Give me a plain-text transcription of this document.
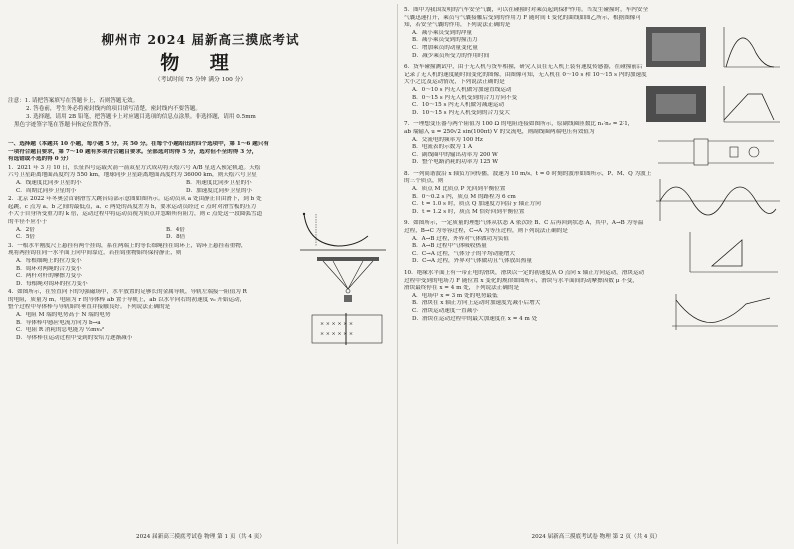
柳州市 2024 届新高三摸底考试

物 理

（考试时间 75 分钟 满分 100 分）

注意：1. 请把答案填写在答题卡上，否则答题无效。

2. 答卷前，考生务必将密封线内的项目填写清楚，密封线内不要答题。

3. 选择题，请用 2B 铅笔，把答题卡上对应题目选项的信息点涂黑。非选择题，请用 0.5mm

黑色字迹签字笔在答题卡指定位置作答。

一、选择题（本题共 10 小题，每小题 5 分，共 50 分。在每个小题给出的四个选项中，第 1～6 题只有

一项符合题目要求，第 7～10 题有多项符合题目要求。全部选对的得 5 分，选对但不全的得 3 分，

有选错或不选的得 0 分）

1．2021 年 3 月 10 日，长征四号运载火箭一箭双星方式成功将天绘六号 A/B 星送入预定轨道。天绘

六号卫星距离地面高度约为 550 km，地球同步卫星距离地面高度约为 36000 km，则天绘六号卫星

A．线速度比同步卫星的小	B．角速度比同步卫星的小

C．周期比同步卫星的小	D．加速度比同步卫星的小

2．北京 2022 年冬奥会首钢滑雪大跳台局部示意图如图所示。运动员从 a 处由静止自由滑下，到 b 处

起跳，c 点为 a、b 之间的最低点，a、c 两处的高度差为 h，要求运动员经过 c 点时对滑雪板的压力

不大于自身所受重力的 k 倍，运动过程中将运动员视为质点并忽略所有阻力，则 c 点处这一段圆弧雪道

的半径不应小于

A．2倍	B．4倍

C．5倍	D．8倍

3．一根水平刚度尺上悬挂有两个挂钩，系在两端上的等长细绳挂在钩环上，钩环上悬挂着重物，

现将两挂钩在同一水平面上向中间靠近，若挂钩重物始终保持静止，则

A．每根细绳上的拉力变小

B．钩环对两绳的合力变小

C．两杆对杆的摩擦力变小

D．每根绳对钩环的拉力变小

4．如图所示，在竖直向下的匀强磁场中，水平放置的足够长的金属导轨，导轨左端接一阻值为 R

的电阻，质量为 m，电阻为 r 的导体棒 ab 置于导轨上，ab 以水平向右的初速度 v₀ 开始运动，

整个过程中导体棒与导轨始终垂直并接触良好。下列说法正确的是

A．电阻 M 端的电势高于 N 端的电势

B．导体棒中感应电流方向为 b→a

C．电阻 R 消耗的总电能为 ½mv₀²

D．导体棒在运动过程中受到的安培力逐渐减小

× × × × × ×
× × × × × ×

2024 届新高三摸底考试卷 物理 第 1 页（共 4 页）

5．图甲为我国发明的汽车安全气囊，可以在碰撞时对乘员起到保护作用。当发生碰撞时，车内安全

气囊迅速打开，乘员与气囊接触后受到的作用力 F 随时间 t 变化的曲线如图乙所示，根据图像可

知，若安全气囊的作用，下列说法正确的是

A．减小乘员受到的冲量

B．减小乘员受到的撞击力

C．增加乘员的动量变化量

D．减少乘员所受力的作用时间

6．货车碰撞测试中，由于无人机与货车相撞，研究人员在无人机上装有速度传感器，在碰撞前后

记录了无人机的速度随时间变化的图像，由图像可知，无人机在 0～10 s 和 10～15 s 内的加速度

大小之比及运动情况，下列说法正确的是

A．0～10 s 内无人机做匀加速直线运动

B．0～15 s 内无人机受到的合力方向不变

C．10～15 s 内无人机做匀减速运动

D．10～15 s 内无人机受到的合力变大

7．一理想变压器与两个阻值为 100 Ω 的电阻连接如图所示，原副线圈匝数比 n₁∶n₂ = 2∶1，

ab 端输入 u = 250√2 sin(100πt) V 的交流电，则副线圈两端电压有效值为

A．交流电的频率为 100 Hz

B．电流表的示数为 1 A

C．副线圈中的输出功率为 200 W

D．整个电路消耗的功率为 125 W

8．一列简谐波沿 x 轴负方向传播，波速为 10 m/s，t = 0 时刻的波形如图所示，P、M、Q 为波上

的三个质点，则

A．质点 M 比质点 P 先回到平衡位置

B．0～0.2 s 内，质点 M 的路程为 6 cm

C．t = 1.0 s 时，质点 Q 加速度方向沿 y 轴正方向

D．t = 1.2 s 时，质点 M 恰好回到平衡位置

9．如图所示，一定质量的理想气体从状态 A 依次经 B、C 后再回到状态 A，其中，A→B 为等温

过程，B→C 为等容过程，C→A 为等压过程，则下列说法正确的是

A．A→B 过程，外界对气体做功为负值

B．A→B 过程中气体吸收热量

C．C→A 过程，气体分子的平均动能增大

D．C→A 过程，外界对气体做功且气体放出热量

10．绝缘水平面上有一带正电的滑块，滑块以一定的初速度从 O 点向 x 轴正方向运动，滑块运动

过程中受到的电场力 F 随位置 x 变化的规律如图所示，滑块与水平面间的动摩擦因数 μ 不变，

滑块最终停在 x = 4 m 处，下列说法正确的是

A．电场中 x = 3 m 处的电势最低

B．滑块在 x 轴正方向上运动时加速度先减小后增大

C．滑块运动速度一直减小

D．滑块在运动过程中的最大加速度在 x = 4 m 处

2024 届新高三摸底考试卷 物理 第 2 页（共 4 页）
